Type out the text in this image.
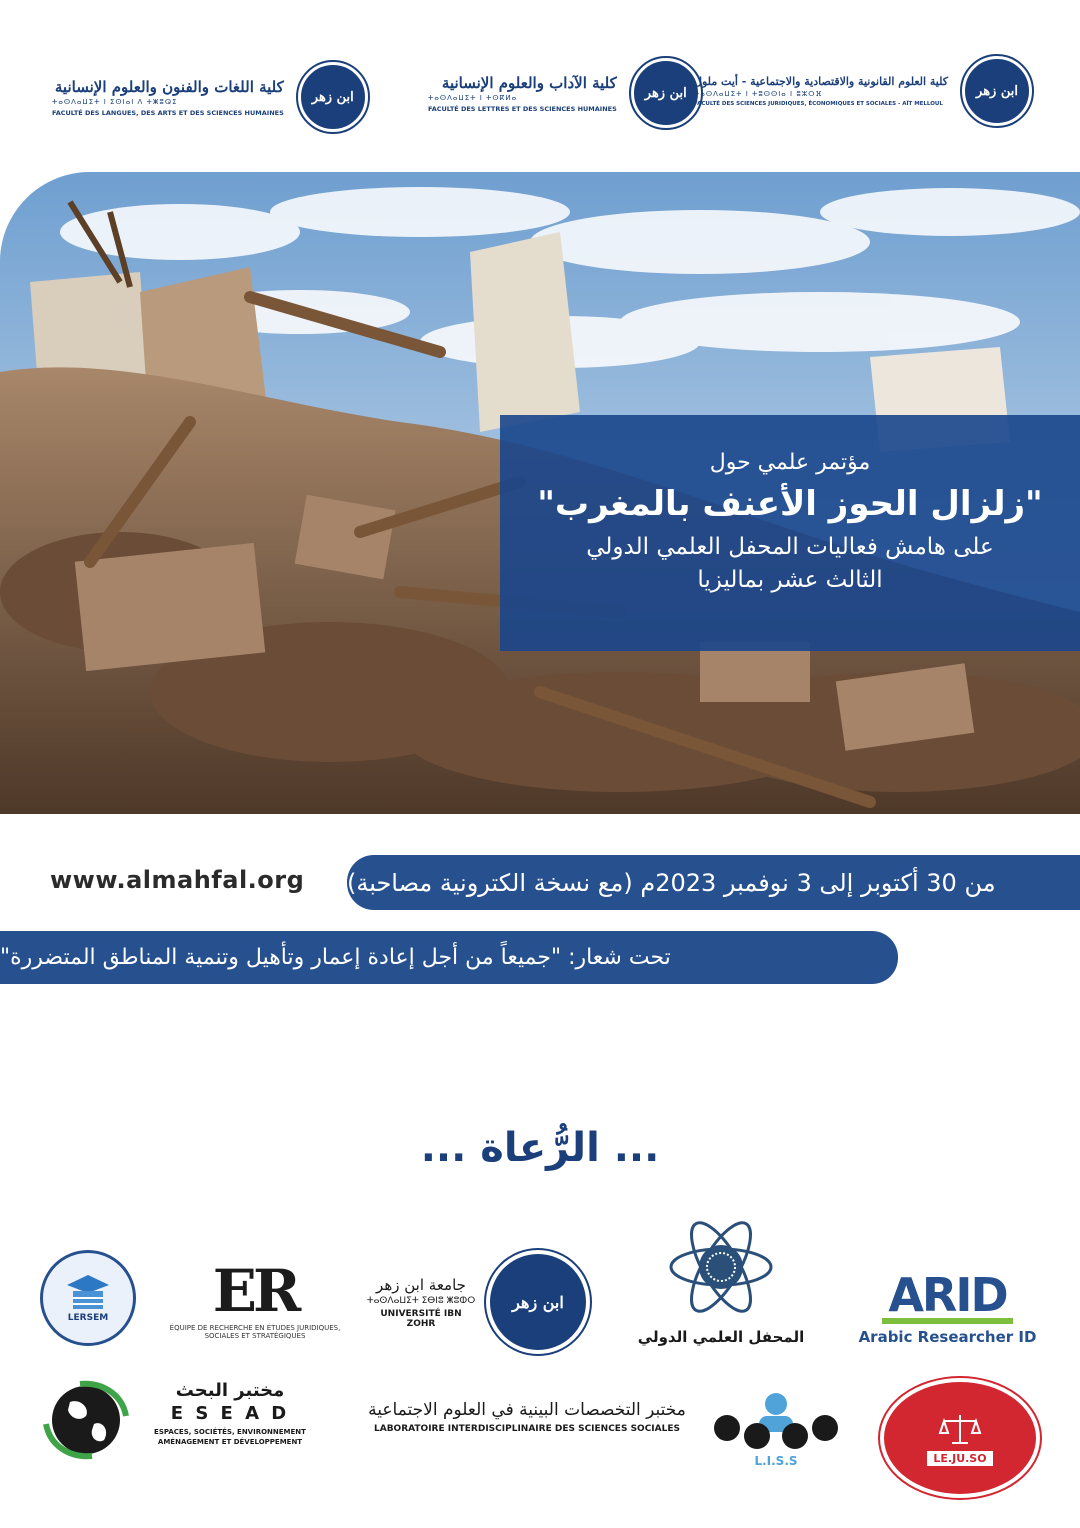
كلية اللغات والفنون والعلوم الإنسانية
ⵜⴰⵙⴷⴰⵡⵉⵜ ⵏ ⵉⵙⵏⴰⵏ ⴷ ⵜⵥⵓⵕⵉ
FACULTÉ DES LANGUES, DES ARTS ET DES SCIENCES HUMAINES
ابن زهر
كلية الآداب والعلوم الإنسانية
ⵜⴰⵙⴷⴰⵡⵉⵜ ⵏ ⵜⵙⴽⵍⴰ
FACULTÉ DES LETTRES ET DES SCIENCES HUMAINES
ابن زهر
كلية العلوم القانونية والاقتصادية والاجتماعية - أيت ملول
ⵜⴰⵙⴷⴰⵡⵉⵜ ⵏ ⵜⵓⵙⵙⵏⴰ ⵏ ⵓⵣⵔⴼ
FACULTÉ DES SCIENCES JURIDIQUES, ÉCONOMIQUES ET SOCIALES - AÏT MELLOUL
ابن زهر
مؤتمر علمي حول
"زلزال الحوز الأعنف بالمغرب"
على هامش فعاليات المحفل العلمي الدولي
الثالث عشر بماليزيا
www.almahfal.org من 30 أكتوبر إلى 3 نوفمبر 2023م (مع نسخة الكترونية مصاحبة)
تحت شعار: "جميعاً من أجل إعادة إعمار وتأهيل وتنمية المناطق المتضررة"
... الرُّعاة ...
LERSEM ER
ÉQUIPE DE RECHERCHE EN ÉTUDES JURIDIQUES, SOCIALES ET STRATÉGIQUES
جامعة ابن زهر
ⵜⴰⵙⴷⴰⵡⵉⵜ ⵉⴱⵏⵓ ⵥⵓⵀⵔ
UNIVERSITÉ IBN ZOHR
ابن زهر
المحفل العلمي الدولي
ARID
Arabic Researcher ID
مختبر البحث
E S E A D
ESPACES, SOCIÉTÉS, ENVIRONNEMENT
AMÉNAGEMENT ET DÉVELOPPEMENT
مختبر التخصصات البينية في العلوم الاجتماعية
LABORATOIRE INTERDISCIPLINAIRE DES SCIENCES SOCIALES
L.I.S.S	LE.JU.SO
